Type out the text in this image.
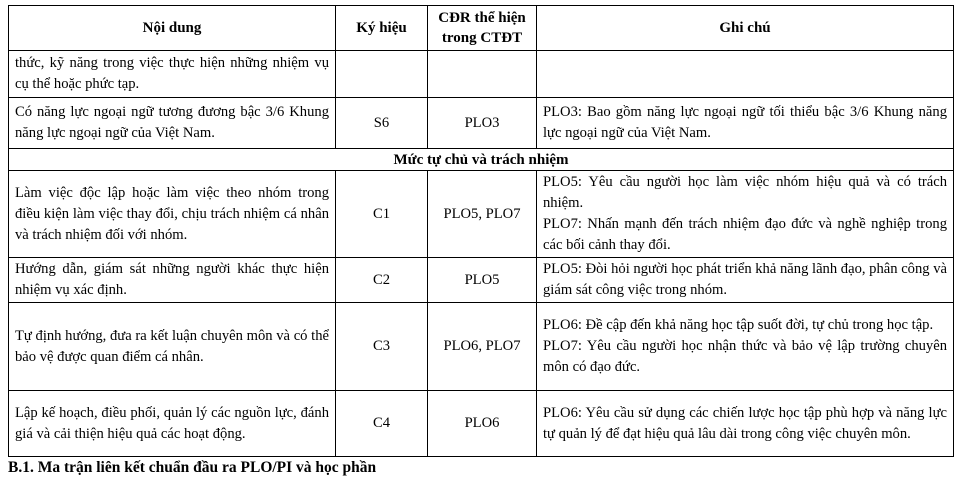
Nội dung	Ký hiệu	CĐR thể hiện trong CTĐT	Ghi chú
thức, kỹ năng trong việc thực hiện những nhiệm vụ cụ thể hoặc phức tạp.			
Có năng lực ngoại ngữ tương đương bậc 3/6 Khung năng lực ngoại ngữ của Việt Nam.	S6	PLO3	PLO3: Bao gồm năng lực ngoại ngữ tối thiểu bậc 3/6 Khung năng lực ngoại ngữ của Việt Nam.

Mức tự chủ và trách nhiệm			
Làm việc độc lập hoặc làm việc theo nhóm trong điều kiện làm việc thay đổi, chịu trách nhiệm cá nhân và trách nhiệm đối với nhóm.	C1	PLO5, PLO7	PLO5: Yêu cầu người học làm việc nhóm hiệu quả và có trách nhiệm.
PLO7: Nhấn mạnh đến trách nhiệm đạo đức và nghề nghiệp trong các bối cảnh thay đổi.

Hướng dẫn, giám sát những người khác thực hiện nhiệm vụ xác định.	C2	PLO5	PLO5: Đòi hỏi người học phát triển khả năng lãnh đạo, phân công và giám sát công việc trong nhóm.

Tự định hướng, đưa ra kết luận chuyên môn và có thể bảo vệ được quan điểm cá nhân.	C3	PLO6, PLO7	PLO6: Đề cập đến khả năng học tập suốt đời, tự chủ trong học tập.
PLO7: Yêu cầu người học nhận thức và bảo vệ lập trường chuyên môn có đạo đức.

Lập kế hoạch, điều phối, quản lý các nguồn lực, đánh giá và cải thiện hiệu quả các hoạt động.	C4	PLO6	PLO6: Yêu cầu sử dụng các chiến lược học tập phù hợp và năng lực tự quản lý để đạt hiệu quả lâu dài trong công việc chuyên môn.
B.1. Ma trận liên kết chuẩn đầu ra PLO/PI và học phần
